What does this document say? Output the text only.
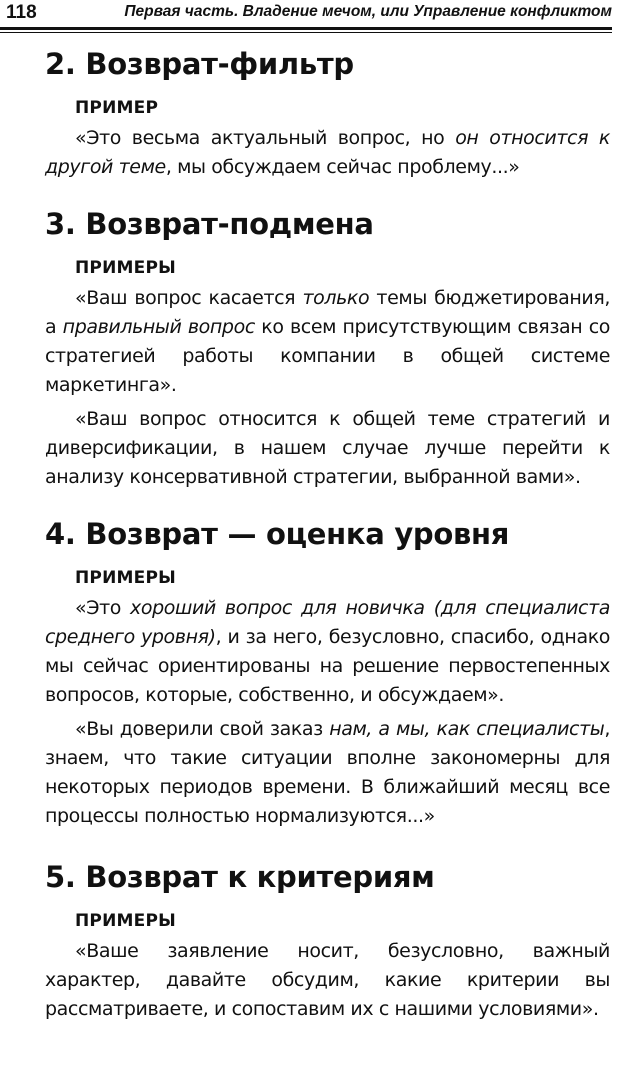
118	Первая часть. Владение мечом, или Управление конфликтом
2. Возврат-фильтр
ПРИМЕР

«Это весьма актуальный вопрос, но он относится к другой теме, мы обсуждаем сейчас проблему...»

3. Возврат-подмена
ПРИМЕРЫ

«Ваш вопрос касается только темы бюджетирования, а правильный вопрос ко всем присутствующим связан со стратегией работы компании в общей системе маркетинга».

«Ваш вопрос относится к общей теме стратегий и диверсификации, в нашем случае лучше перейти к анализу консервативной стратегии, выбранной вами».

4. Возврат — оценка уровня
ПРИМЕРЫ

«Это хороший вопрос для новичка (для специалиста среднего уровня), и за него, безусловно, спасибо, однако мы сейчас ориентированы на решение первостепенных вопросов, которые, собственно, и обсуждаем».

«Вы доверили свой заказ нам, а мы, как специалисты, знаем, что такие ситуации вполне закономерны для некоторых периодов времени. В ближайший месяц все процессы полностью нормализуются...»

5. Возврат к критериям
ПРИМЕРЫ

«Ваше заявление носит, безусловно, важный характер, давайте обсудим, какие критерии вы рассматриваете, и сопоставим их с нашими условиями».
